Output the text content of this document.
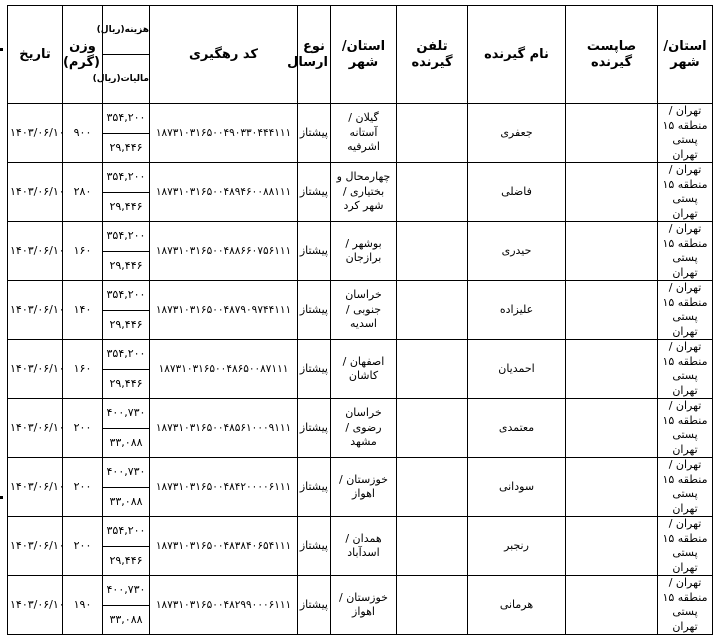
تاریخ	وزن (گرم)	هزینه(ریال)	کد رهگیری	نوع ارسال	استان/ شهر	تلفن گیرنده	نام گیرنده	صاپست گیرنده	استان/ شهر
		مالیات(ریال)							
۱۴۰۳/۰۶/۱۰	۹۰۰	۳۵۴,۲۰۰	۱۸۷۳۱۰۳۱۶۵۰۰۴۹۰۳۳۰۴۴۴۱۱۱	پیشتاز	گیلان / آستانه اشرفیه		جعفری		تهران / منطقه ۱۵ پستی تهران
		۲۹,۴۴۶							
۱۴۰۳/۰۶/۱۰	۲۸۰	۳۵۴,۲۰۰	۱۸۷۳۱۰۳۱۶۵۰۰۴۸۹۴۶۰۰۸۸۱۱۱	پیشتاز	چهارمحال و بختیاری / شهر کرد		فاضلی		تهران / منطقه ۱۵ پستی تهران
		۲۹,۴۴۶							
۱۴۰۳/۰۶/۱۰	۱۶۰	۳۵۴,۲۰۰	۱۸۷۳۱۰۳۱۶۵۰۰۴۸۸۶۶۰۷۵۶۱۱۱	پیشتاز	بوشهر / برازجان		حیدری		تهران / منطقه ۱۵ پستی تهران
		۲۹,۴۴۶							
۱۴۰۳/۰۶/۱۰	۱۴۰	۳۵۴,۲۰۰	۱۸۷۳۱۰۳۱۶۵۰۰۴۸۷۹۰۹۷۴۴۱۱۱	پیشتاز	خراسان جنوبی / اسدیه		علیزاده		تهران / منطقه ۱۵ پستی تهران
		۲۹,۴۴۶							
۱۴۰۳/۰۶/۱۰	۱۶۰	۳۵۴,۲۰۰	۱۸۷۳۱۰۳۱۶۵۰۰۴۸۶۵۰۰۸۷۱۱۱	پیشتاز	اصفهان / کاشان		احمدیان		تهران / منطقه ۱۵ پستی تهران
		۲۹,۴۴۶							
۱۴۰۳/۰۶/۱۰	۲۰۰	۴۰۰,۷۳۰	۱۸۷۳۱۰۳۱۶۵۰۰۴۸۵۶۱۰۰۰۹۱۱۱	پیشتاز	خراسان رضوی / مشهد		معتمدی		تهران / منطقه ۱۵ پستی تهران
		۳۳,۰۸۸							
۱۴۰۳/۰۶/۱۰	۲۰۰	۴۰۰,۷۳۰	۱۸۷۳۱۰۳۱۶۵۰۰۴۸۴۲۰۰۰۰۶۱۱۱	پیشتاز	خوزستان / اهواز		سودانی		تهران / منطقه ۱۵ پستی تهران
		۳۳,۰۸۸							
۱۴۰۳/۰۶/۱۰	۲۰۰	۳۵۴,۲۰۰	۱۸۷۳۱۰۳۱۶۵۰۰۴۸۳۸۴۰۶۵۴۱۱۱	پیشتاز	همدان / اسدآباد		رنجبر		تهران / منطقه ۱۵ پستی تهران
		۲۹,۴۴۶							
۱۴۰۳/۰۶/۱۰	۱۹۰	۴۰۰,۷۳۰	۱۸۷۳۱۰۳۱۶۵۰۰۴۸۲۹۹۰۰۰۶۱۱۱	پیشتاز	خوزستان / اهواز		هرمانی		تهران / منطقه ۱۵ پستی تهران
		۳۳,۰۸۸							
